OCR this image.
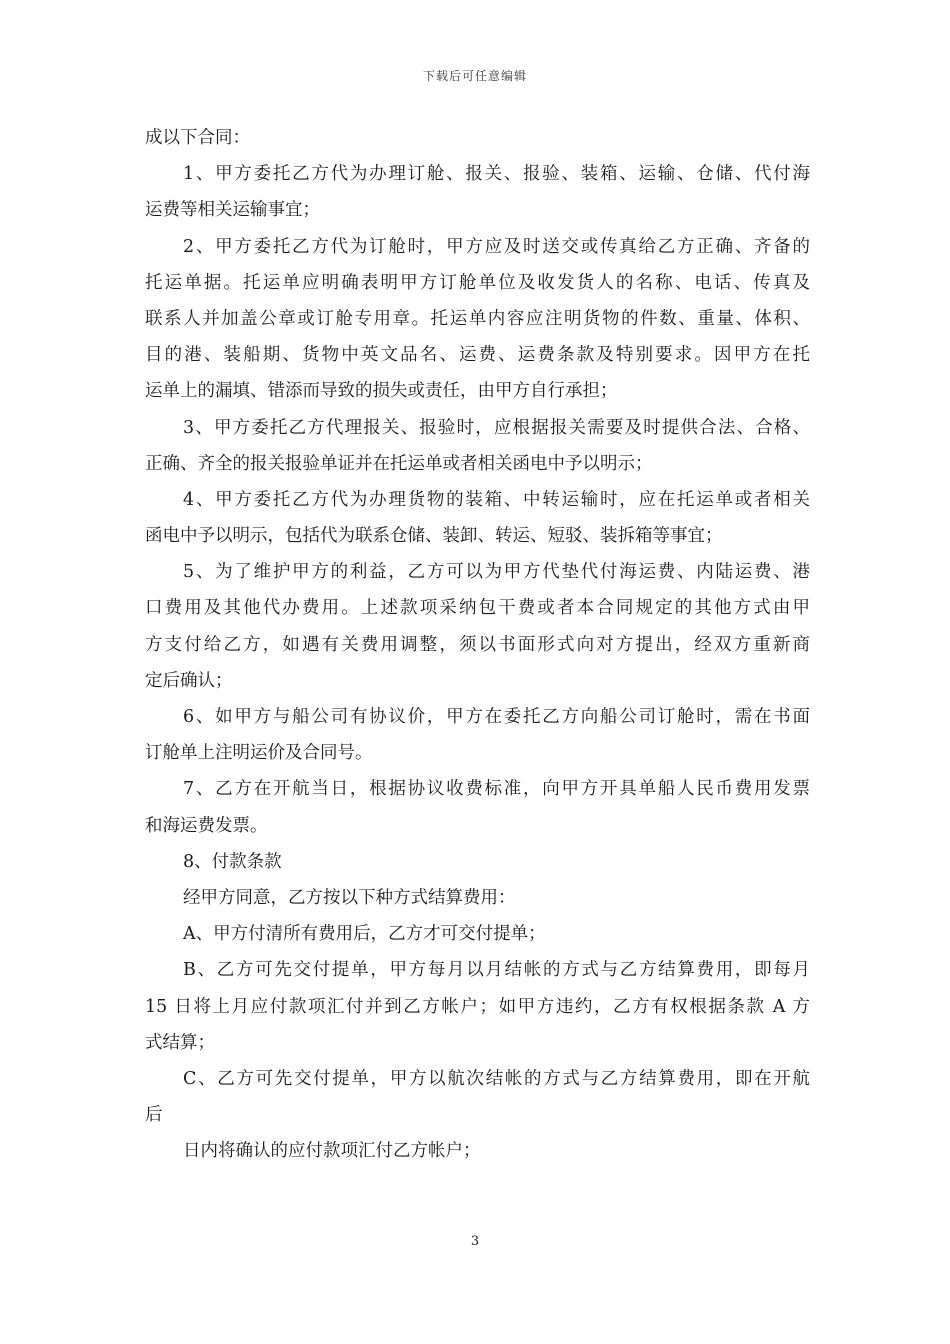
下载后可任意编辑
成以下合同：
1、甲方委托乙方代为办理订舱、报关、报验、装箱、运输、仓储、代付海
运费等相关运输事宜；
2、甲方委托乙方代为订舱时，甲方应及时送交或传真给乙方正确、齐备的
托运单据。托运单应明确表明甲方订舱单位及收发货人的名称、电话、传真及
联系人并加盖公章或订舱专用章。托运单内容应注明货物的件数、重量、体积、
目的港、装船期、货物中英文品名、运费、运费条款及特别要求。因甲方在托
运单上的漏填、错添而导致的损失或责任，由甲方自行承担；
3、甲方委托乙方代理报关、报验时，应根据报关需要及时提供合法、合格、
正确、齐全的报关报验单证并在托运单或者相关函电中予以明示；
4、甲方委托乙方代为办理货物的装箱、中转运输时，应在托运单或者相关
函电中予以明示，包括代为联系仓储、装卸、转运、短驳、装拆箱等事宜；
5、为了维护甲方的利益，乙方可以为甲方代垫代付海运费、内陆运费、港
口费用及其他代办费用。上述款项采纳包干费或者本合同规定的其他方式由甲
方支付给乙方，如遇有关费用调整，须以书面形式向对方提出，经双方重新商
定后确认；
6、如甲方与船公司有协议价，甲方在委托乙方向船公司订舱时，需在书面
订舱单上注明运价及合同号。
7、乙方在开航当日，根据协议收费标准，向甲方开具单船人民币费用发票
和海运费发票。
8、付款条款
经甲方同意，乙方按以下种方式结算费用：
A、甲方付清所有费用后，乙方才可交付提单；
B、乙方可先交付提单，甲方每月以月结帐的方式与乙方结算费用，即每月
15 日将上月应付款项汇付并到乙方帐户；如甲方违约，乙方有权根据条款 A 方
式结算；
C、乙方可先交付提单，甲方以航次结帐的方式与乙方结算费用，即在开航
后
日内将确认的应付款项汇付乙方帐户；
3
